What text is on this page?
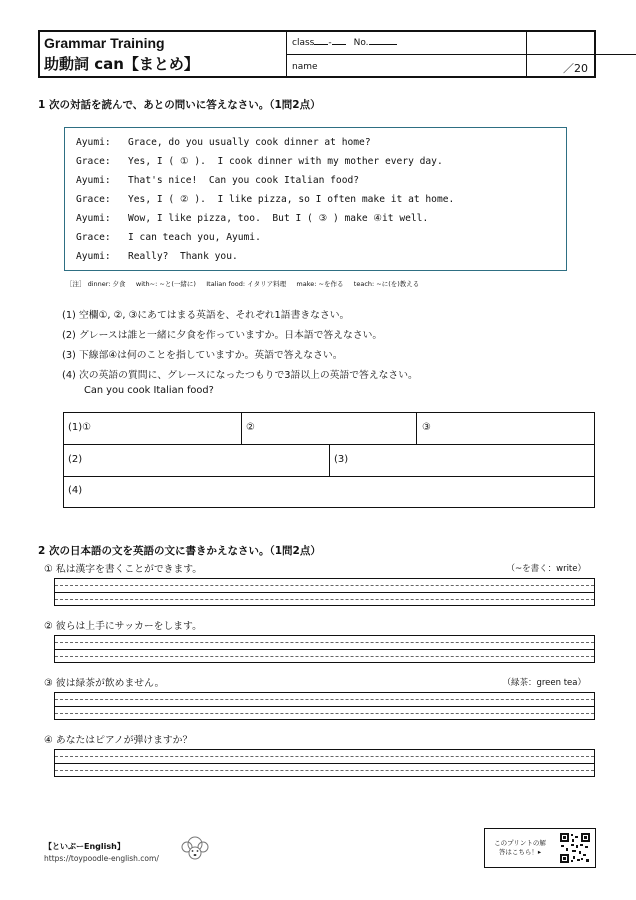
Grammar Training
助動詞 can【まとめ】
class - No.
name	／20
1 次の対話を読んで、あとの問いに答えなさい。（1問2点）
Ayumi: Grace, do you usually cook dinner at home?
Grace: Yes, I ( ① ).  I cook dinner with my mother every day.
Ayumi: That's nice!  Can you cook Italian food?
Grace: Yes, I ( ② ).  I like pizza, so I often make it at home.
Ayumi: Wow, I like pizza, too.  But I ( ③ ) make ④it well.
Grace: I can teach you, Ayumi.
Ayumi: Really?  Thank you.
［注］ dinner: 夕食     with~: ~と(一緒に)     Italian food: イタリア料理     make: ~を作る     teach: ~に(を)教える
(1) 空欄①, ②, ③にあてはまる英語を、それぞれ1語書きなさい。
(2) グレースは誰と一緒に夕食を作っていますか。日本語で答えなさい。
(3) 下線部④は何のことを指していますか。英語で答えなさい。
(4) 次の英語の質問に、グレースになったつもりで3語以上の英語で答えなさい。
Can you cook Italian food?
(1)①	②	③
(2)	(3)
(4)
2 次の日本語の文を英語の文に書きかえなさい。（1問2点）
① 私は漢字を書くことができます。	（~を書く：write）
② 彼らは上手にサッカーをします。
③ 彼は緑茶が飲めません。	（緑茶：green tea）
④ あなたはピアノが弾けますか？
【といぷーEnglish】
https://toypoodle-english.com/
このプリントの解答はこちら！▸
